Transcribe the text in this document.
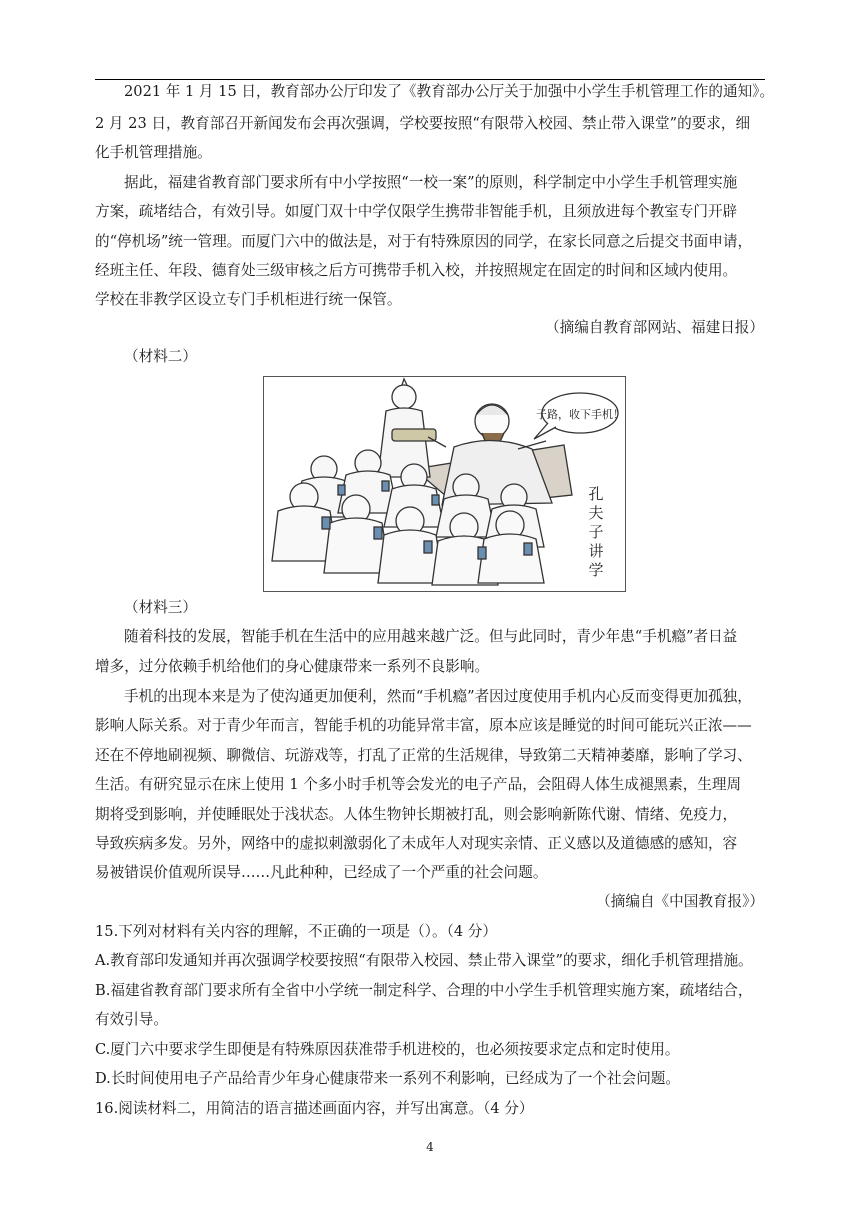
2021 年 1 月 15 日，教育部办公厅印发了《教育部办公厅关于加强中小学生手机管理工作的通知》。
2 月 23 日，教育部召开新闻发布会再次强调，学校要按照“有限带入校园、禁止带入课堂”的要求，细
化手机管理措施。
据此，福建省教育部门要求所有中小学按照“一校一案”的原则，科学制定中小学生手机管理实施
方案，疏堵结合，有效引导。如厦门双十中学仅限学生携带非智能手机，且须放进每个教室专门开辟
的“停机场”统一管理。而厦门六中的做法是，对于有特殊原因的同学，在家长同意之后提交书面申请，
经班主任、年段、德育处三级审核之后方可携带手机入校，并按照规定在固定的时间和区域内使用。
学校在非教学区设立专门手机柜进行统一保管。
（摘编自教育部网站、福建日报）
（材料二）
子路，收下手机！
孔
夫
子
讲
学
（材料三）
随着科技的发展，智能手机在生活中的应用越来越广泛。但与此同时，青少年患“手机瘾”者日益
增多，过分依赖手机给他们的身心健康带来一系列不良影响。
手机的出现本来是为了使沟通更加便利，然而“手机瘾”者因过度使用手机内心反而变得更加孤独，
影响人际关系。对于青少年而言，智能手机的功能异常丰富，原本应该是睡觉的时间可能玩兴正浓——
还在不停地刷视频、聊微信、玩游戏等，打乱了正常的生活规律，导致第二天精神萎靡，影响了学习、
生活。有研究显示在床上使用 1 个多小时手机等会发光的电子产品，会阻碍人体生成褪黑素，生理周
期将受到影响，并使睡眠处于浅状态。人体生物钟长期被打乱，则会影响新陈代谢、情绪、免疫力，
导致疾病多发。另外，网络中的虚拟刺激弱化了未成年人对现实亲情、正义感以及道德感的感知，容
易被错误价值观所误导……凡此种种，已经成了一个严重的社会问题。
（摘编自《中国教育报》）
15.下列对材料有关内容的理解，不正确的一项是（）。（4 分）
A.教育部印发通知并再次强调学校要按照“有限带入校园、禁止带入课堂”的要求，细化手机管理措施。
B.福建省教育部门要求所有全省中小学统一制定科学、合理的中小学生手机管理实施方案，疏堵结合，
有效引导。
C.厦门六中要求学生即便是有特殊原因获准带手机进校的，也必须按要求定点和定时使用。
D.长时间使用电子产品给青少年身心健康带来一系列不利影响，已经成为了一个社会问题。
16.阅读材料二，用简洁的语言描述画面内容，并写出寓意。（4 分）
4
